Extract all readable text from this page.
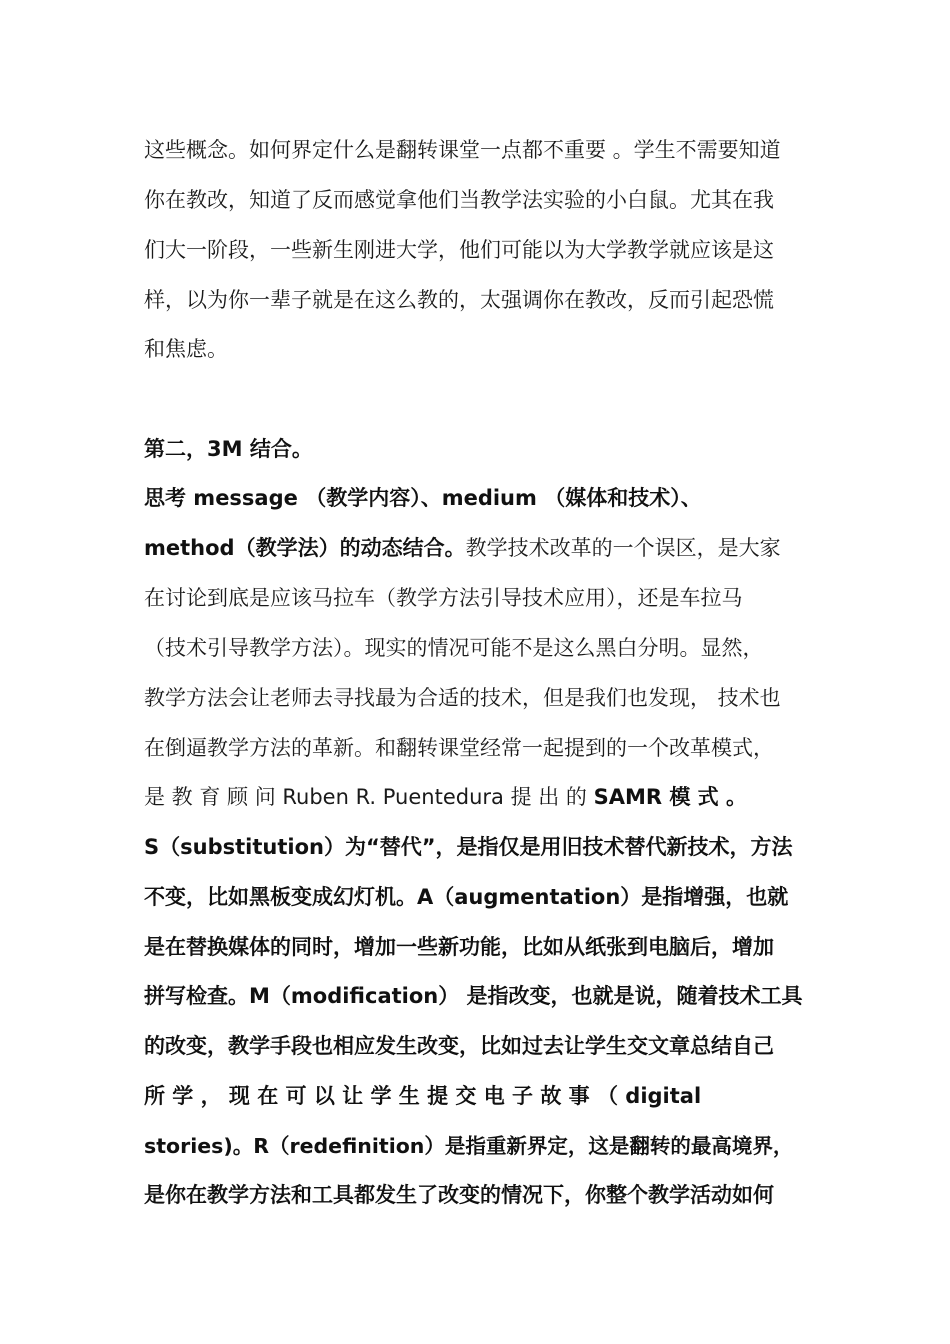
这些概念。如何界定什么是翻转课堂一点都不重要 。学生不需要知道
你在教改，知道了反而感觉拿他们当教学法实验的小白鼠。尤其在我
们大一阶段，一些新生刚进大学，他们可能以为大学教学就应该是这
样，以为你一辈子就是在这么教的，太强调你在教改，反而引起恐慌
和焦虑。
第二，3M 结合。
思考 message （教学内容）、medium （媒体和技术）、
method（教学法）的动态结合。教学技术改革的一个误区，是大家
在讨论到底是应该马拉车（教学方法引导技术应用），还是车拉马
（技术引导教学方法）。现实的情况可能不是这么黑白分明。显然，
教学方法会让老师去寻找最为合适的技术，但是我们也发现， 技术也
在倒逼教学方法的革新。和翻转课堂经常一起提到的一个改革模式，
是 教 育 顾 问 Ruben R. Puentedura 提 出 的 SAMR 模 式 。
S（substitution）为“替代”，是指仅是用旧技术替代新技术，方法
不变，比如黑板变成幻灯机。A（augmentation）是指增强，也就
是在替换媒体的同时，增加一些新功能，比如从纸张到电脑后，增加
拼写检查。M（modification） 是指改变，也就是说，随着技术工具
的改变，教学手段也相应发生改变，比如过去让学生交文章总结自己
所 学 ， 现 在 可 以 让 学 生 提 交 电 子 故 事 （ digital
stories)。R（redefinition）是指重新界定，这是翻转的最高境界，
是你在教学方法和工具都发生了改变的情况下，你整个教学活动如何
